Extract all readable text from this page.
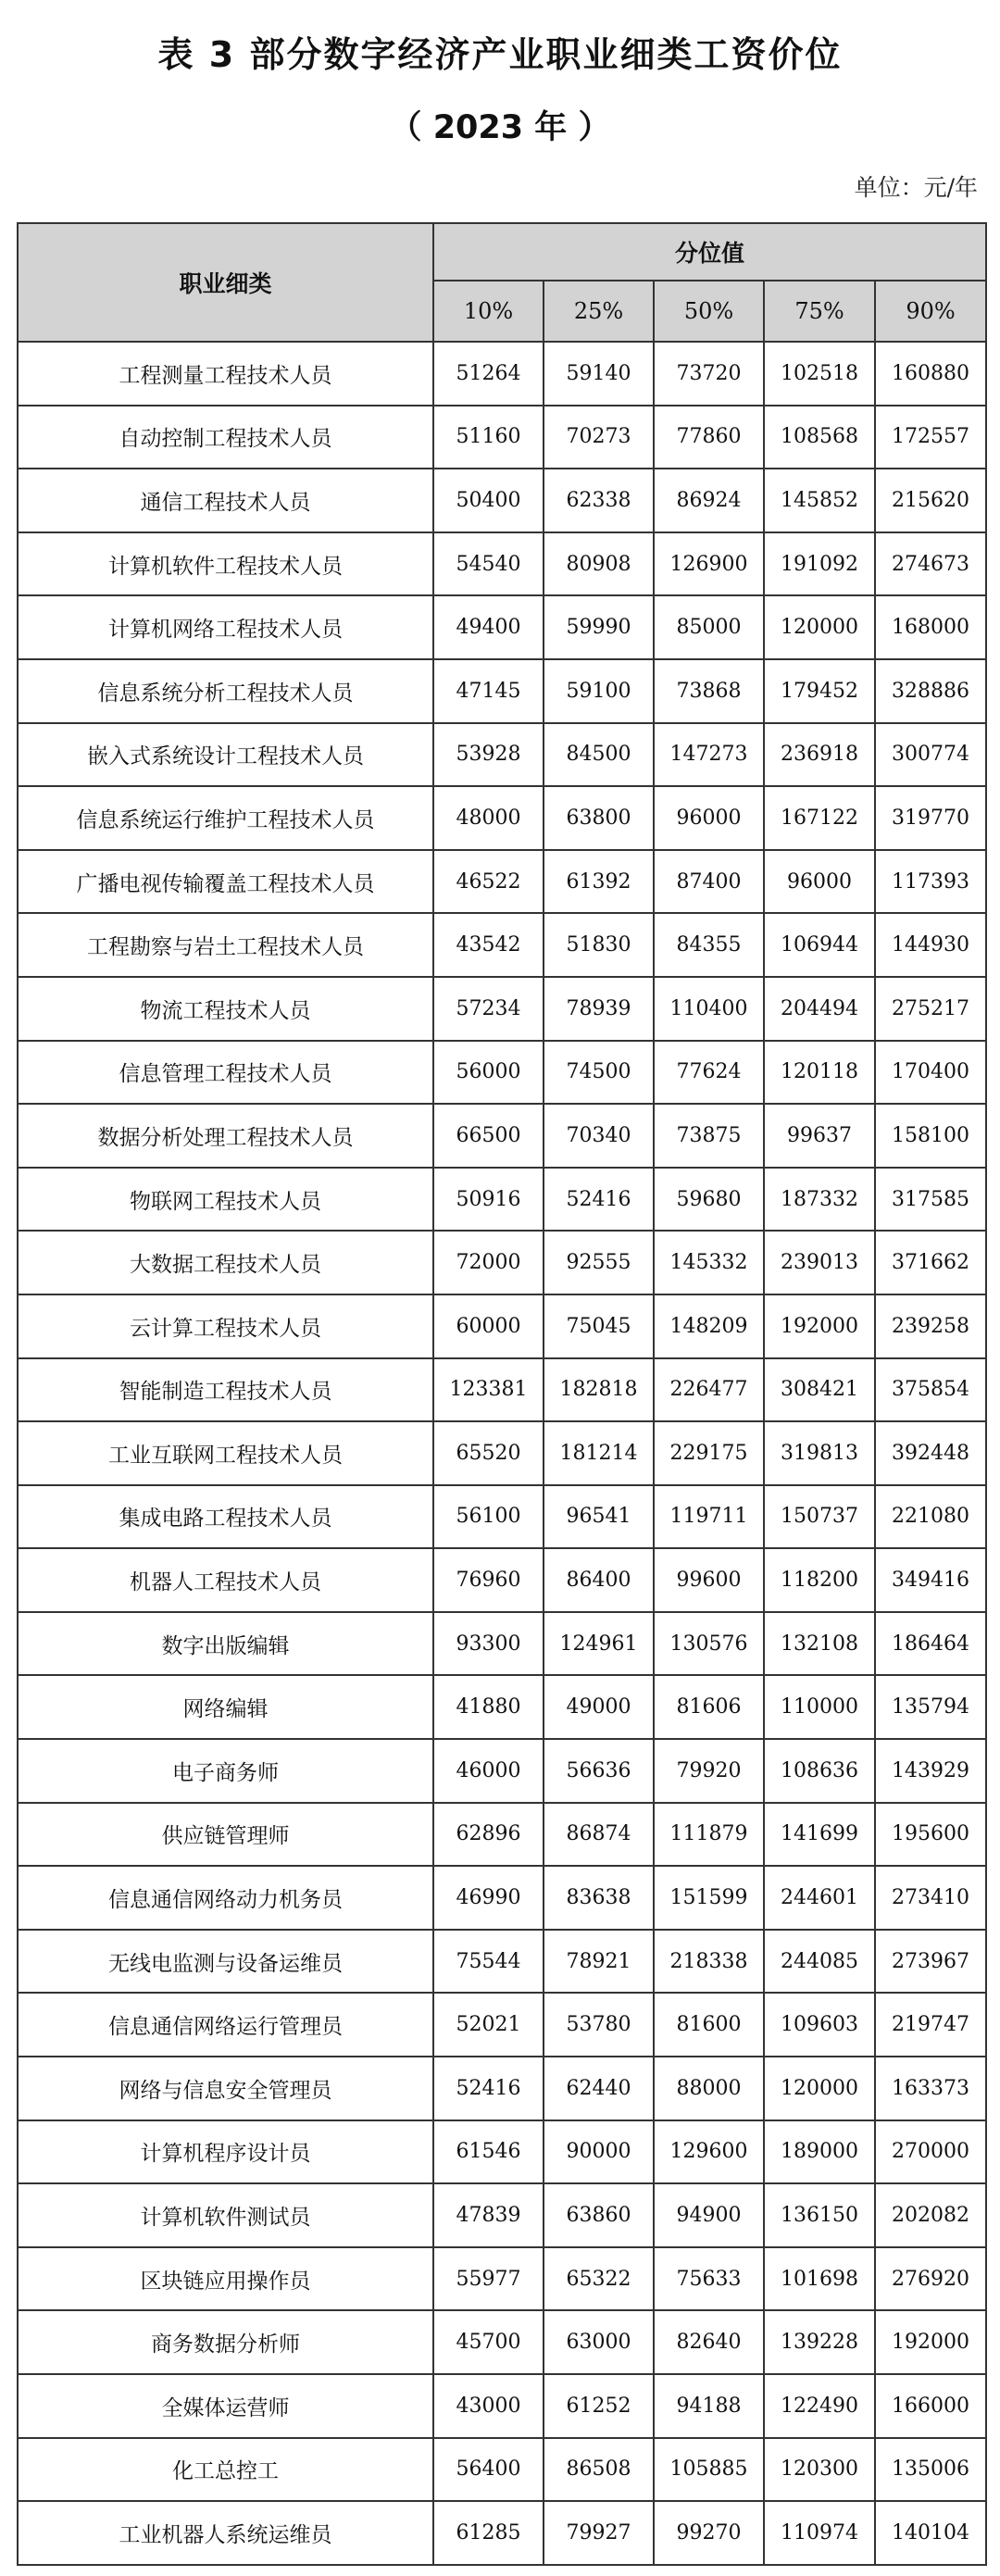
表 3 部分数字经济产业职业细类工资价位
（ 2023 年 ）
单位：元/年
职业细类	分位值				
	10%	25%	50%	75%	90%
工程测量工程技术人员	51264	59140	73720	102518	160880
自动控制工程技术人员	51160	70273	77860	108568	172557
通信工程技术人员	50400	62338	86924	145852	215620
计算机软件工程技术人员	54540	80908	126900	191092	274673
计算机网络工程技术人员	49400	59990	85000	120000	168000
信息系统分析工程技术人员	47145	59100	73868	179452	328886
嵌入式系统设计工程技术人员	53928	84500	147273	236918	300774
信息系统运行维护工程技术人员	48000	63800	96000	167122	319770
广播电视传输覆盖工程技术人员	46522	61392	87400	96000	117393
工程勘察与岩土工程技术人员	43542	51830	84355	106944	144930
物流工程技术人员	57234	78939	110400	204494	275217
信息管理工程技术人员	56000	74500	77624	120118	170400
数据分析处理工程技术人员	66500	70340	73875	99637	158100
物联网工程技术人员	50916	52416	59680	187332	317585
大数据工程技术人员	72000	92555	145332	239013	371662
云计算工程技术人员	60000	75045	148209	192000	239258
智能制造工程技术人员	123381	182818	226477	308421	375854
工业互联网工程技术人员	65520	181214	229175	319813	392448
集成电路工程技术人员	56100	96541	119711	150737	221080
机器人工程技术人员	76960	86400	99600	118200	349416
数字出版编辑	93300	124961	130576	132108	186464
网络编辑	41880	49000	81606	110000	135794
电子商务师	46000	56636	79920	108636	143929
供应链管理师	62896	86874	111879	141699	195600
信息通信网络动力机务员	46990	83638	151599	244601	273410
无线电监测与设备运维员	75544	78921	218338	244085	273967
信息通信网络运行管理员	52021	53780	81600	109603	219747
网络与信息安全管理员	52416	62440	88000	120000	163373
计算机程序设计员	61546	90000	129600	189000	270000
计算机软件测试员	47839	63860	94900	136150	202082
区块链应用操作员	55977	65322	75633	101698	276920
商务数据分析师	45700	63000	82640	139228	192000
全媒体运营师	43000	61252	94188	122490	166000
化工总控工	56400	86508	105885	120300	135006
工业机器人系统运维员	61285	79927	99270	110974	140104
